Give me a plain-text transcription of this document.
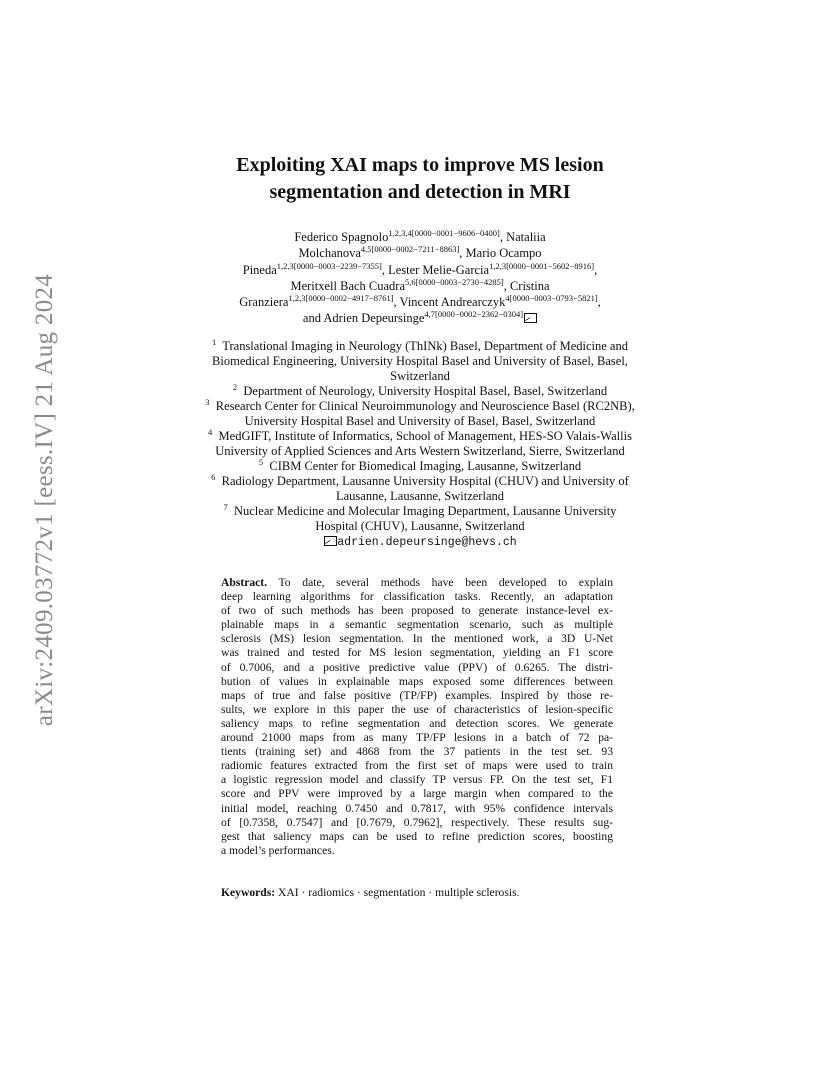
arXiv:2409.03772v1 [eess.IV] 21 Aug 2024
Exploiting XAI maps to improve MS lesion
segmentation and detection in MRI
Federico Spagnolo$^{1,2,3,4[0000-0001-9606-0400]}$, Nataliia
Molchanova$^{4,5[0000-0002-7211-8863]}$, Mario Ocampo
Pineda$^{1,2,3[0000-0003-2239-7355]}$, Lester Melie-Garcia$^{1,2,3[0000-0001-5602-8916]}$,
Meritxell Bach Cuadra$^{5,6[0000-0003-2730-4285]}$, Cristina
Granziera$^{1,2,3[0000-0002-4917-8761]}$, Vincent Andrearczyk$^{4[0000-0003-0793-5821]}$,
and Adrien Depeursinge$^{4,7[0000-0002-2362-0304]}$
$^1$ Translational Imaging in Neurology (ThINk) Basel, Department of Medicine and
Biomedical Engineering, University Hospital Basel and University of Basel, Basel,
Switzerland
$^2$ Department of Neurology, University Hospital Basel, Basel, Switzerland
$^3$ Research Center for Clinical Neuroimmunology and Neuroscience Basel (RC2NB),
University Hospital Basel and University of Basel, Basel, Switzerland
$^4$ MedGIFT, Institute of Informatics, School of Management, HES-SO Valais-Wallis
University of Applied Sciences and Arts Western Switzerland, Sierre, Switzerland
$^5$ CIBM Center for Biomedical Imaging, Lausanne, Switzerland
$^6$ Radiology Department, Lausanne University Hospital (CHUV) and University of
Lausanne, Lausanne, Switzerland
$^7$ Nuclear Medicine and Molecular Imaging Department, Lausanne University
Hospital (CHUV), Lausanne, Switzerland
adrien.depeursinge@hevs.ch
Abstract. To date, several methods have been developed to explain
deep learning algorithms for classification tasks. Recently, an adaptation
of two of such methods has been proposed to generate instance-level ex-
plainable maps in a semantic segmentation scenario, such as multiple
sclerosis (MS) lesion segmentation. In the mentioned work, a 3D U-Net
was trained and tested for MS lesion segmentation, yielding an F1 score
of 0.7006, and a positive predictive value (PPV) of 0.6265. The distri-
bution of values in explainable maps exposed some differences between
maps of true and false positive (TP/FP) examples. Inspired by those re-
sults, we explore in this paper the use of characteristics of lesion-specific
saliency maps to refine segmentation and detection scores. We generate
around 21000 maps from as many TP/FP lesions in a batch of 72 pa-
tients (training set) and 4868 from the 37 patients in the test set. 93
radiomic features extracted from the first set of maps were used to train
a logistic regression model and classify TP versus FP. On the test set, F1
score and PPV were improved by a large margin when compared to the
initial model, reaching 0.7450 and 0.7817, with 95% confidence intervals
of [0.7358, 0.7547] and [0.7679, 0.7962], respectively. These results sug-
gest that saliency maps can be used to refine prediction scores, boosting
a model’s performances.
Keywords: XAI · radiomics · segmentation · multiple sclerosis.
